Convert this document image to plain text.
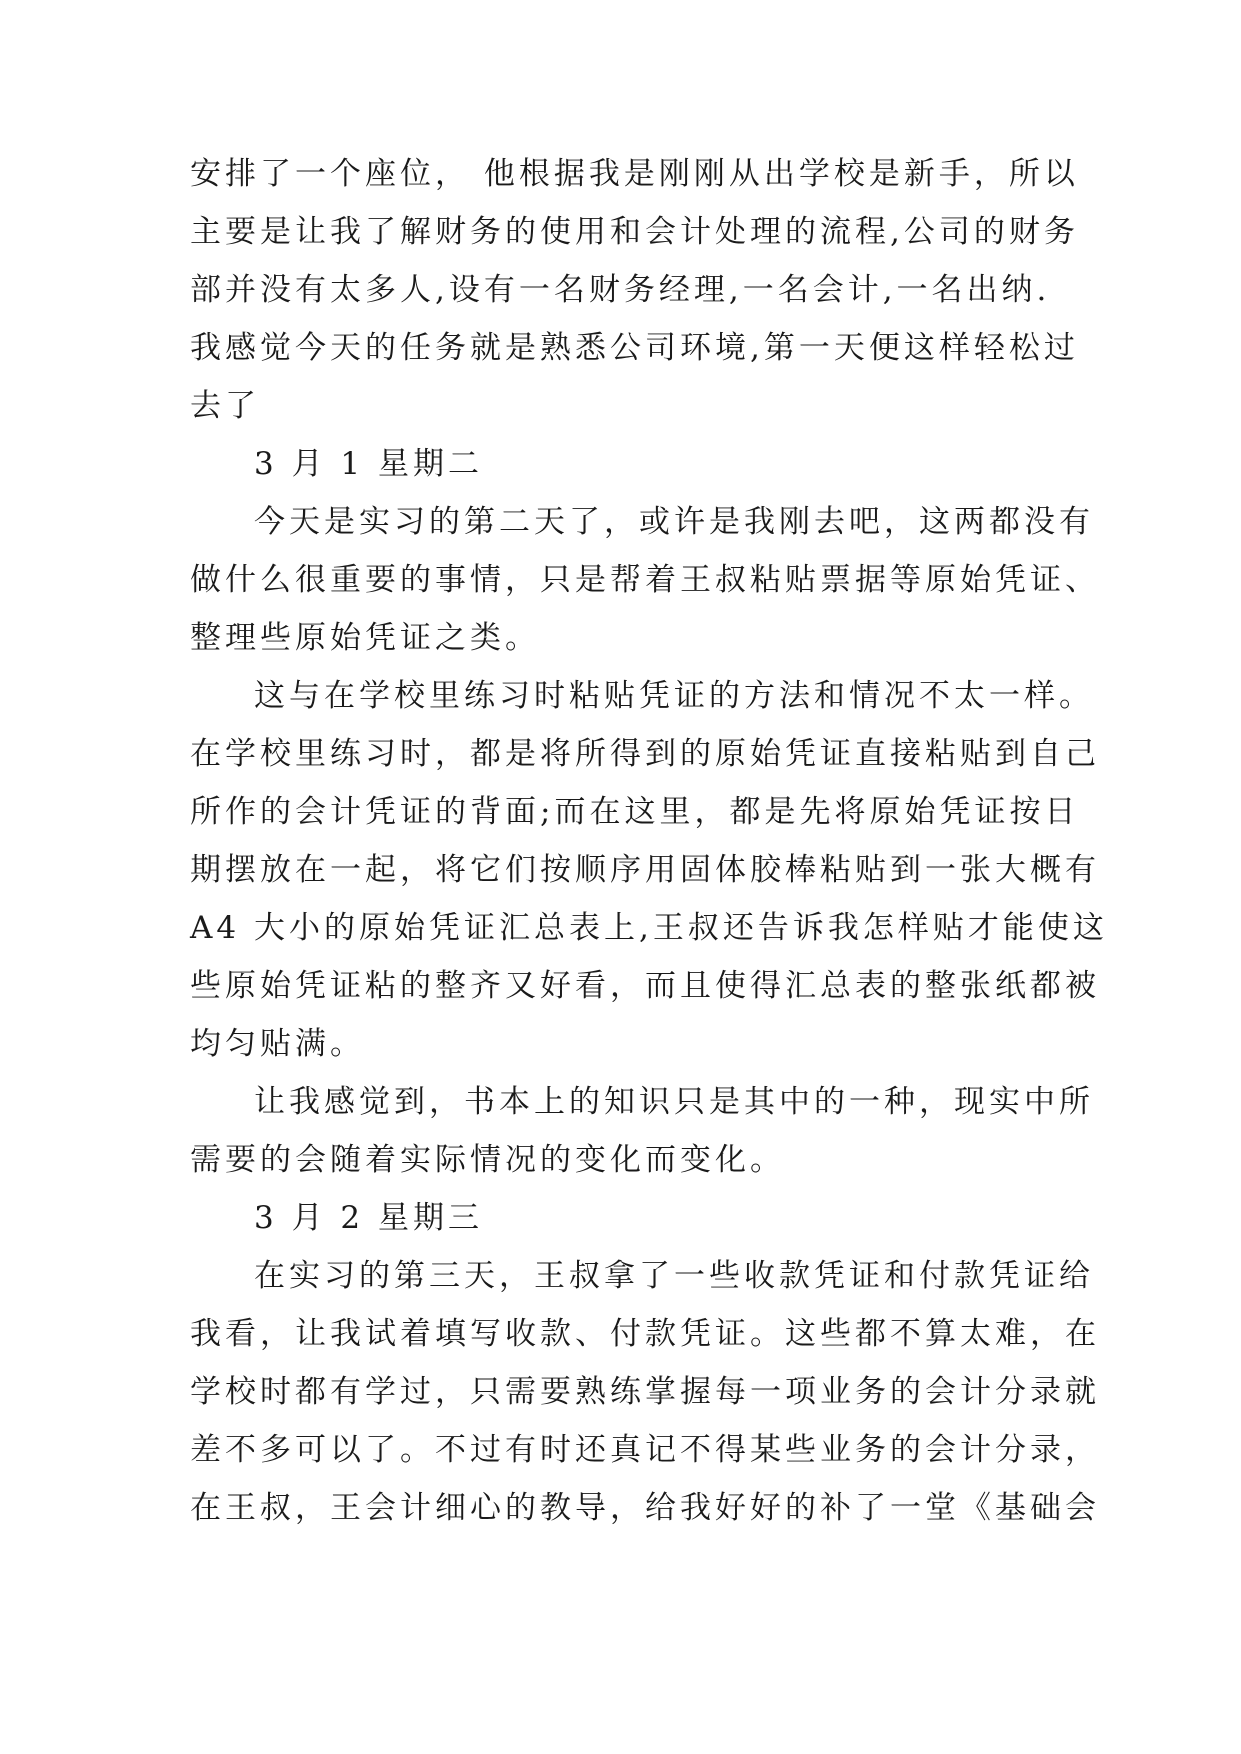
安排了一个座位， 他根据我是刚刚从出学校是新手，所以
主要是让我了解财务的使用和会计处理的流程,公司的财务
部并没有太多人,设有一名财务经理,一名会计,一名出纳.
我感觉今天的任务就是熟悉公司环境,第一天便这样轻松过
去了
3 月 1 星期二
今天是实习的第二天了，或许是我刚去吧，这两都没有
做什么很重要的事情，只是帮着王叔粘贴票据等原始凭证、
整理些原始凭证之类。
这与在学校里练习时粘贴凭证的方法和情况不太一样。
在学校里练习时，都是将所得到的原始凭证直接粘贴到自己
所作的会计凭证的背面;而在这里，都是先将原始凭证按日
期摆放在一起，将它们按顺序用固体胶棒粘贴到一张大概有
A4 大小的原始凭证汇总表上,王叔还告诉我怎样贴才能使这
些原始凭证粘的整齐又好看，而且使得汇总表的整张纸都被
均匀贴满。
让我感觉到，书本上的知识只是其中的一种，现实中所
需要的会随着实际情况的变化而变化。
3 月 2 星期三
在实习的第三天，王叔拿了一些收款凭证和付款凭证给
我看，让我试着填写收款、付款凭证。这些都不算太难，在
学校时都有学过，只需要熟练掌握每一项业务的会计分录就
差不多可以了。不过有时还真记不得某些业务的会计分录，
在王叔，王会计细心的教导，给我好好的补了一堂《基础会
